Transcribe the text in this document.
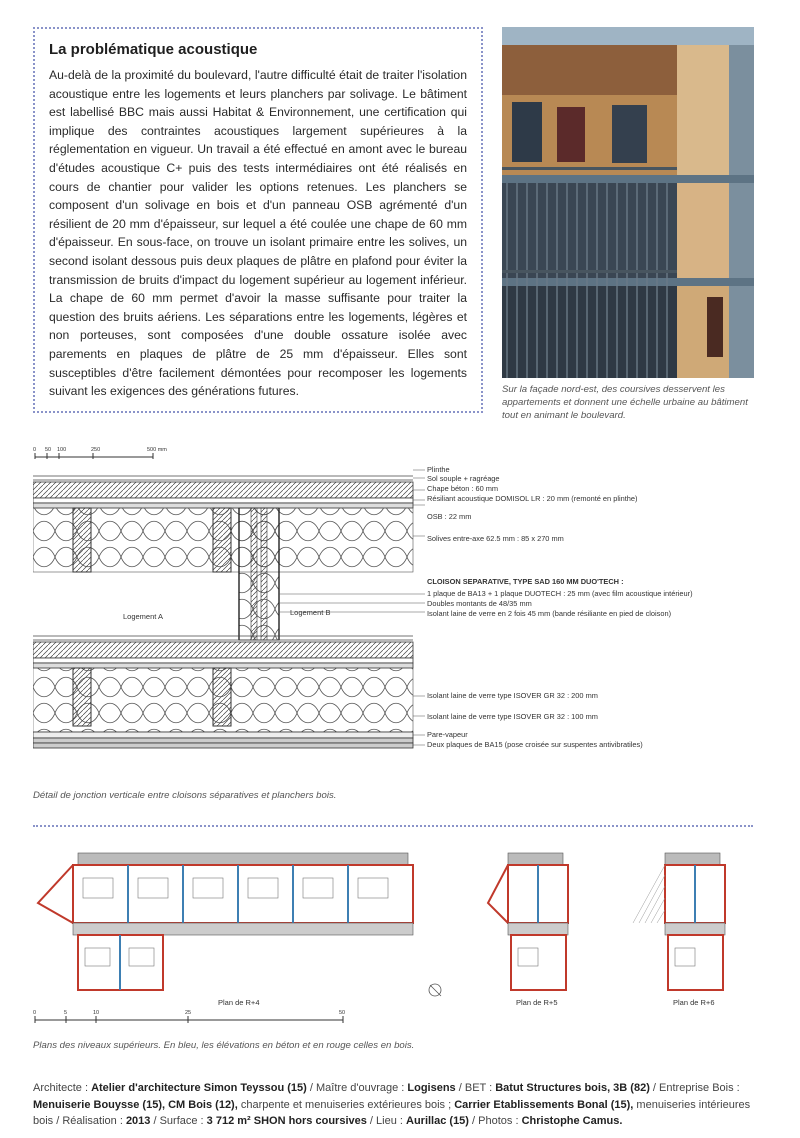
La problématique acoustique
Au-delà de la proximité du boulevard, l'autre difficulté était de traiter l'isolation acoustique entre les logements et leurs planchers par solivage. Le bâtiment est labellisé BBC mais aussi Habitat & Environnement, une certification qui implique des contraintes acoustiques largement supérieures à la réglementation en vigueur. Un travail a été effectué en amont avec le bureau d'études acoustique C+ puis des tests intermédiaires ont été réalisés en cours de chantier pour valider les options retenues. Les planchers se composent d'un solivage en bois et d'un panneau OSB agrémenté d'un résilient de 20 mm d'épaisseur, sur lequel a été coulée une chape de 60 mm d'épaisseur. En sous-face, on trouve un isolant primaire entre les solives, un second isolant dessous puis deux plaques de plâtre en plafond pour éviter la transmission de bruits d'impact du logement supérieur au logement inférieur. La chape de 60 mm permet d'avoir la masse suffisante pour traiter la question des bruits aériens. Les séparations entre les logements, légères et non porteuses, sont composées d'une double ossature isolée avec parements en plaques de plâtre de 25 mm d'épaisseur. Elles sont susceptibles d'être facilement démontées pour recomposer les logements suivant les exigences des générations futures.	Sur la façade nord-est, des coursives desservent les appartements et donnent une échelle urbaine au bâtiment tout en animant le boulevard.
0 50 100	250	500 mm
Logement A	Logement B
Plinthe
Sol souple + ragréage
Chape béton : 60 mm
Résiliant acoustique DOMISOL LR : 20 mm (remonté en plinthe)
OSB : 22 mm
Solives entre-axe 62.5 mm : 85 x 270 mm
CLOISON SEPARATIVE, TYPE SAD 160 MM DUO'TECH :
1 plaque de BA13 + 1 plaque DUOTECH : 25 mm (avec film acoustique intérieur)
Doubles montants de 48/35 mm
Isolant laine de verre en 2 fois 45 mm (bande résiliante en pied de cloison)
Isolant laine de verre type ISOVER GR 32 : 200 mm
Isolant laine de verre type ISOVER GR 32 : 100 mm
Pare-vapeur
Deux plaques de BA15 (pose croisée sur suspentes antivibratiles)
Détail de jonction verticale entre cloisons séparatives et planchers bois.
Plan de R+4	Plan de R+5	Plan de R+6
0	5	10	25	50
Plans des niveaux supérieurs. En bleu, les élévations en béton et en rouge celles en bois.
Architecte : Atelier d'architecture Simon Teyssou (15) / Maître d'ouvrage : Logisens / BET : Batut Structures bois, 3B (82) / Entreprise Bois : Menuiserie Bouysse (15), CM Bois (12), charpente et menuiseries extérieures bois ; Carrier Etablissements Bonal (15), menuiseries intérieures bois / Réalisation : 2013 / Surface : 3 712 m² SHON hors coursives / Lieu : Aurillac (15) / Photos : Christophe Camus.
